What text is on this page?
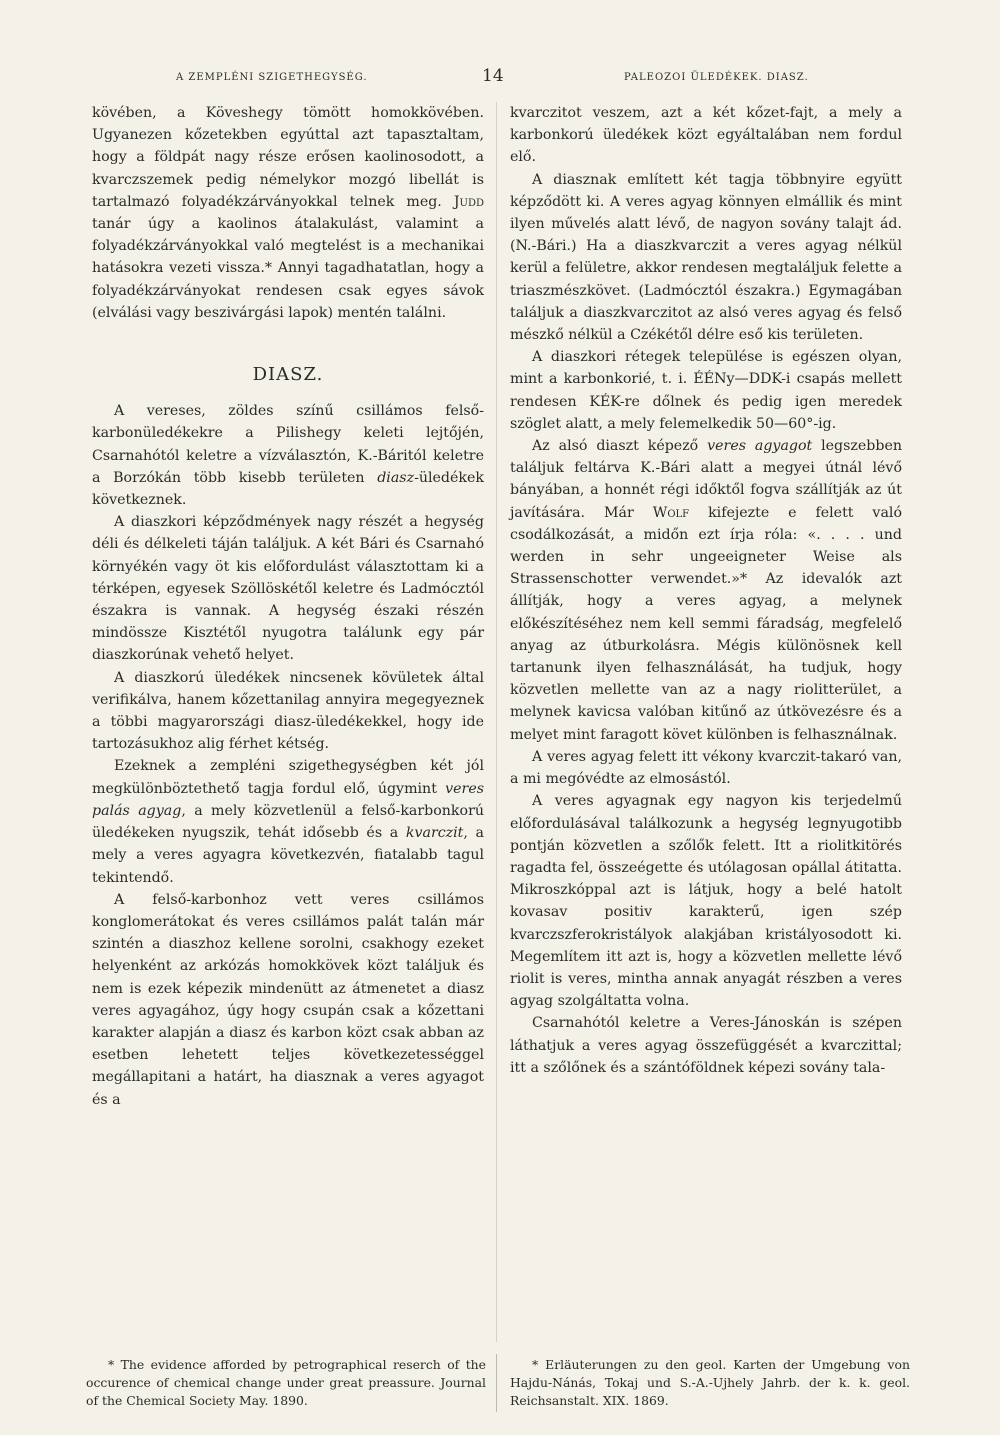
A ZEMPLÉNI SZIGETHEGYSÉG.	14	PALEOZOI ÜLEDÉKEK. DIASZ.

kövében, a Köveshegy tömött homokkövében. Ugyanezen kőzetekben egyúttal azt tapasztaltam, hogy a földpát nagy része erősen kaolinosodott, a kvarczszemek pedig némelykor mozgó libellát is tartalmazó folyadékzárványokkal telnek meg. Judd tanár úgy a kaolinos átalakulást, valamint a folyadékzárványokkal való megtelést is a mechanikai hatásokra vezeti vissza.* Annyi tagadhatatlan, hogy a folyadékzárványokat rendesen csak egyes sávok (elválási vagy beszivárgási lapok) mentén találni.

DIASZ.

A vereses, zöldes színű csillámos felső-karbonüledékekre a Pilishegy keleti lejtőjén, Csarnahótól keletre a vízválasztón, K.-Báritól keletre a Borzókán több kisebb területen diasz-üledékek következnek.

A diaszkori képződmények nagy részét a hegység déli és délkeleti táján találjuk. A két Bári és Csarnahó környékén vagy öt kis előfordulást választottam ki a térképen, egyesek Szöllöskétől keletre és Ladmócztól északra is vannak. A hegység északi részén mindössze Kisztétől nyugotra találunk egy pár diaszkorúnak vehető helyet.

A diaszkorú üledékek nincsenek kövületek által verifikálva, hanem kőzettanilag annyira megegyeznek a többi magyarországi diasz-üledékekkel, hogy ide tartozásukhoz alig férhet kétség.

Ezeknek a zempléni szigethegységben két jól megkülönböztethető tagja fordul elő, úgymint veres palás agyag, a mely közvetlenül a felső-karbonkorú üledékeken nyugszik, tehát idősebb és a kvarczit, a mely a veres agyagra következvén, fiatalabb tagul tekintendő.

A felső-karbonhoz vett veres csillámos konglomerátokat és veres csillámos palát talán már szintén a diaszhoz kellene sorolni, csakhogy ezeket helyenként az arkózás homokkövek közt találjuk és nem is ezek képezik mindenütt az átmenetet a diasz veres agyagához, úgy hogy csupán csak a kőzettani karakter alapján a diasz és karbon közt csak abban az esetben lehetett teljes következetességgel megállapitani a határt, ha diasznak a veres agyagot és a

kvarczitot veszem, azt a két kőzet-fajt, a mely a karbonkorú üledékek közt egyáltalában nem fordul elő.

A diasznak említett két tagja többnyire együtt képződött ki. A veres agyag könnyen elmállik és mint ilyen művelés alatt lévő, de nagyon sovány talajt ád. (N.-Bári.) Ha a diaszkvarczit a veres agyag nélkül kerül a felületre, akkor rendesen megtalálјuk felette a triaszmészkövet. (Ladmócztól északra.) Egymagában találjuk a diaszkvarczitot az alsó veres agyag és felső mészkő nélkül a Czékétől délre eső kis területen.

A diaszkori rétegek települése is egészen olyan, mint a karbonkorié, t. i. ÉÉNy—DDK-i csapás mellett rendesen KÉK-re dőlnek és pedig igen meredek szöglet alatt, a mely felemelkedik 50—60°-ig.

Az alsó diaszt képező veres agyagot legszebben találjuk feltárva K.-Bári alatt a megyei útnál lévő bányában, a honnét régi időktől fogva szállítják az út javítására. Már Wolf kifejezte e felett való csodálkozását, a midőn ezt írja róla: «. . . . und werden in sehr ungeeigneter Weise als Strassenschotter verwendet.»* Az idevalók azt állítják, hogy a veres agyag, a melynek előkészítéséhez nem kell semmi fáradság, megfelelő anyag az útburkolásra. Mégis különösnek kell tartanunk ilyen felhasználását, ha tudjuk, hogy közvetlen mellette van az a nagy riolitterület, a melynek kavicsa valóban kitűnő az útkövezésre és a melyet mint faragott követ különben is felhasználnak.

A veres agyag felett itt vékony kvarczit-takaró van, a mi megóvédte az elmosástól.

A veres agyagnak egy nagyon kis terjedelmű előfordulásával találkozunk a hegység legnyugotibb pontján közvetlen a szőlők felett. Itt a riolitkitörés ragadta fel, összeégette és utólagosan opállal átitatta. Mikroszkóppal azt is látjuk, hogy a belé hatolt kovasav positiv karakterű, igen szép kvarczszferokristályok alakjában kristályosodott ki. Megemlítem itt azt is, hogy a közvetlen mellette lévő riolit is veres, mintha annak anyagát részben a veres agyag szolgáltatta volna.

Csarnahótól keletre a Veres-Jánoskán is szépen láthatjuk a veres agyag összefüggését a kvarczittal; itt a szőlőnek és a szántóföldnek képezi sovány tala-

* The evidence afforded by petrographical reserch of the occurence of chemical change under great preassure. Journal of the Chemical Society May. 1890.

* Erläuterungen zu den geol. Karten der Umgebung von Hajdu-Nánás, Tokaj und S.-A.-Ujhely Jahrb. der k. k. geol. Reichsanstalt. XIX. 1869.
